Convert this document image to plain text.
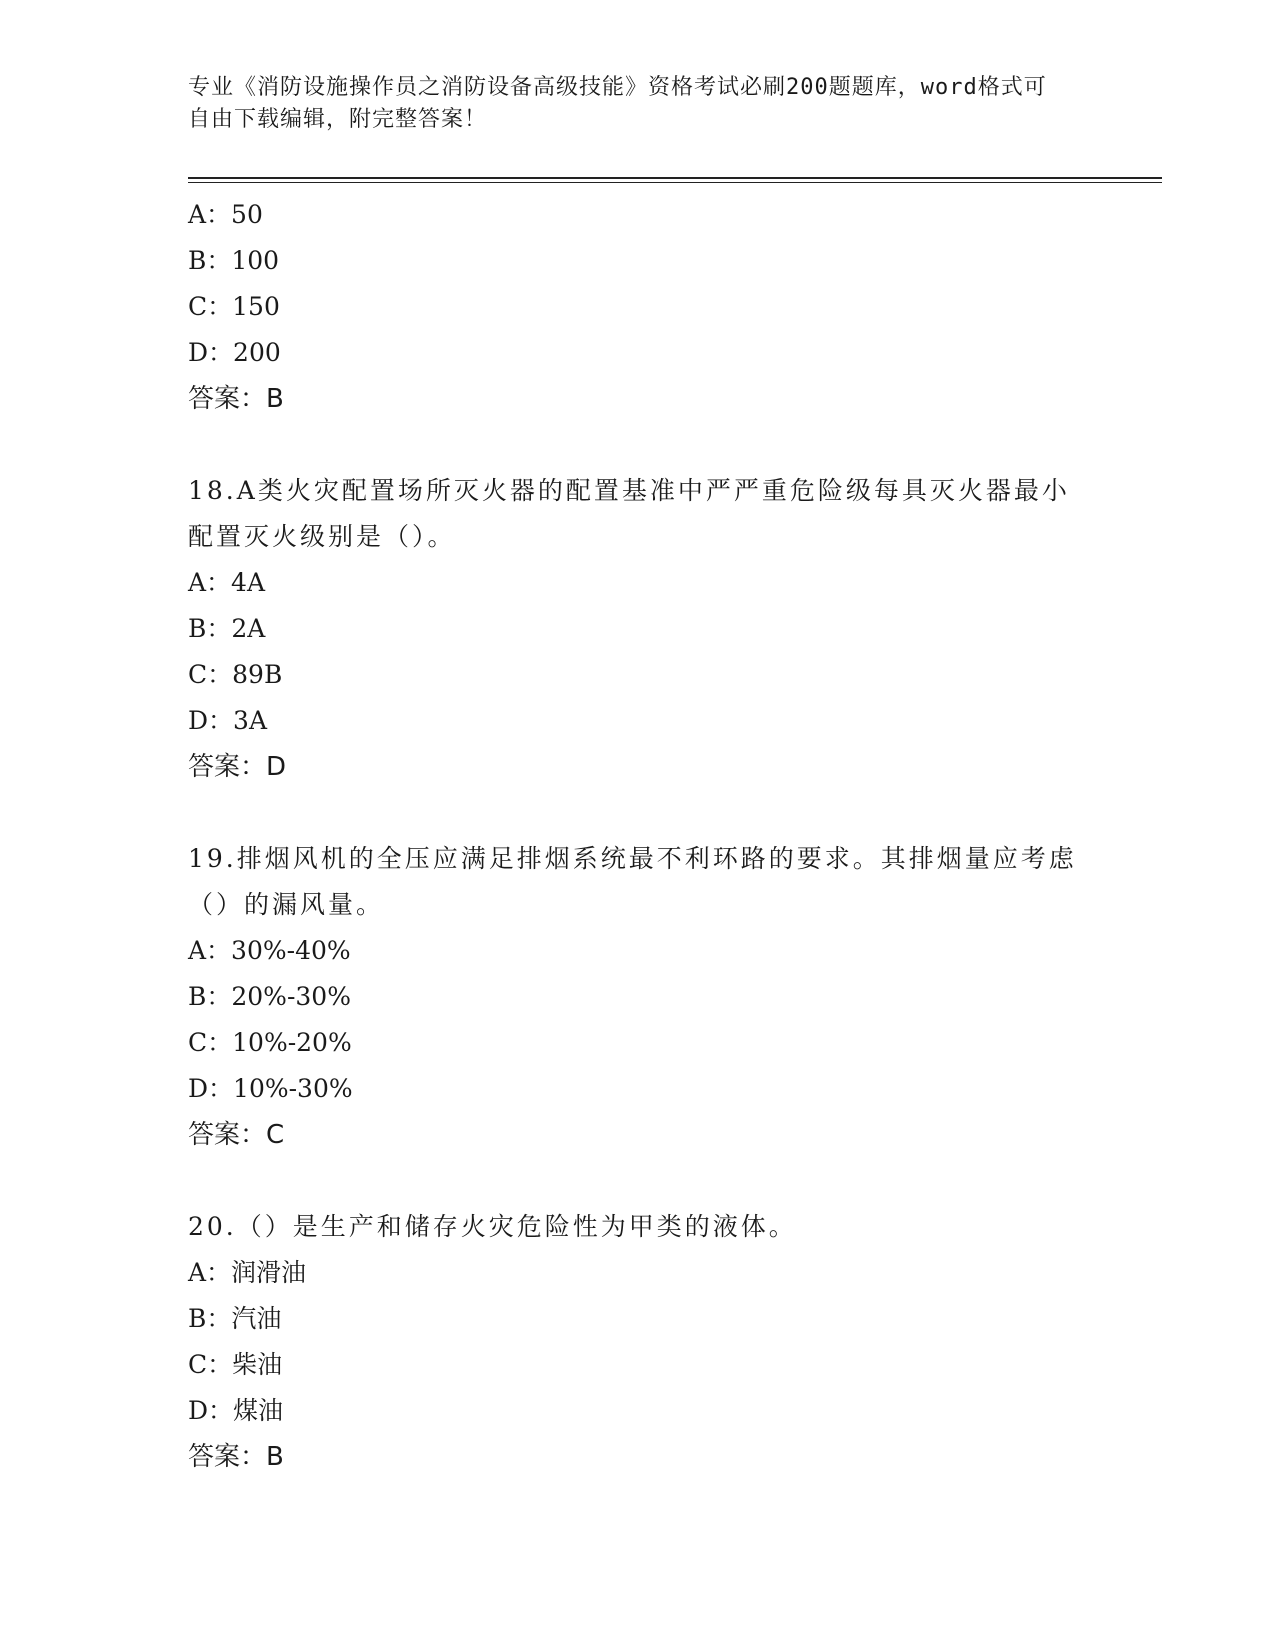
专业《消防设施操作员之消防设备高级技能》资格考试必刷200题题库，word格式可自由下载编辑，附完整答案！
A：50
B：100
C：150
D：200
答案：B
18.A类火灾配置场所灭火器的配置基准中严严重危险级每具灭火器最小配置灭火级别是（）。
A：4A
B：2A
C：89B
D：3A
答案：D
19.排烟风机的全压应满足排烟系统最不利环路的要求。其排烟量应考虑（）的漏风量。
A：30%-40%
B：20%-30%
C：10%-20%
D：10%-30%
答案：C
20.（）是生产和储存火灾危险性为甲类的液体。
A：润滑油
B：汽油
C：柴油
D：煤油
答案：B
